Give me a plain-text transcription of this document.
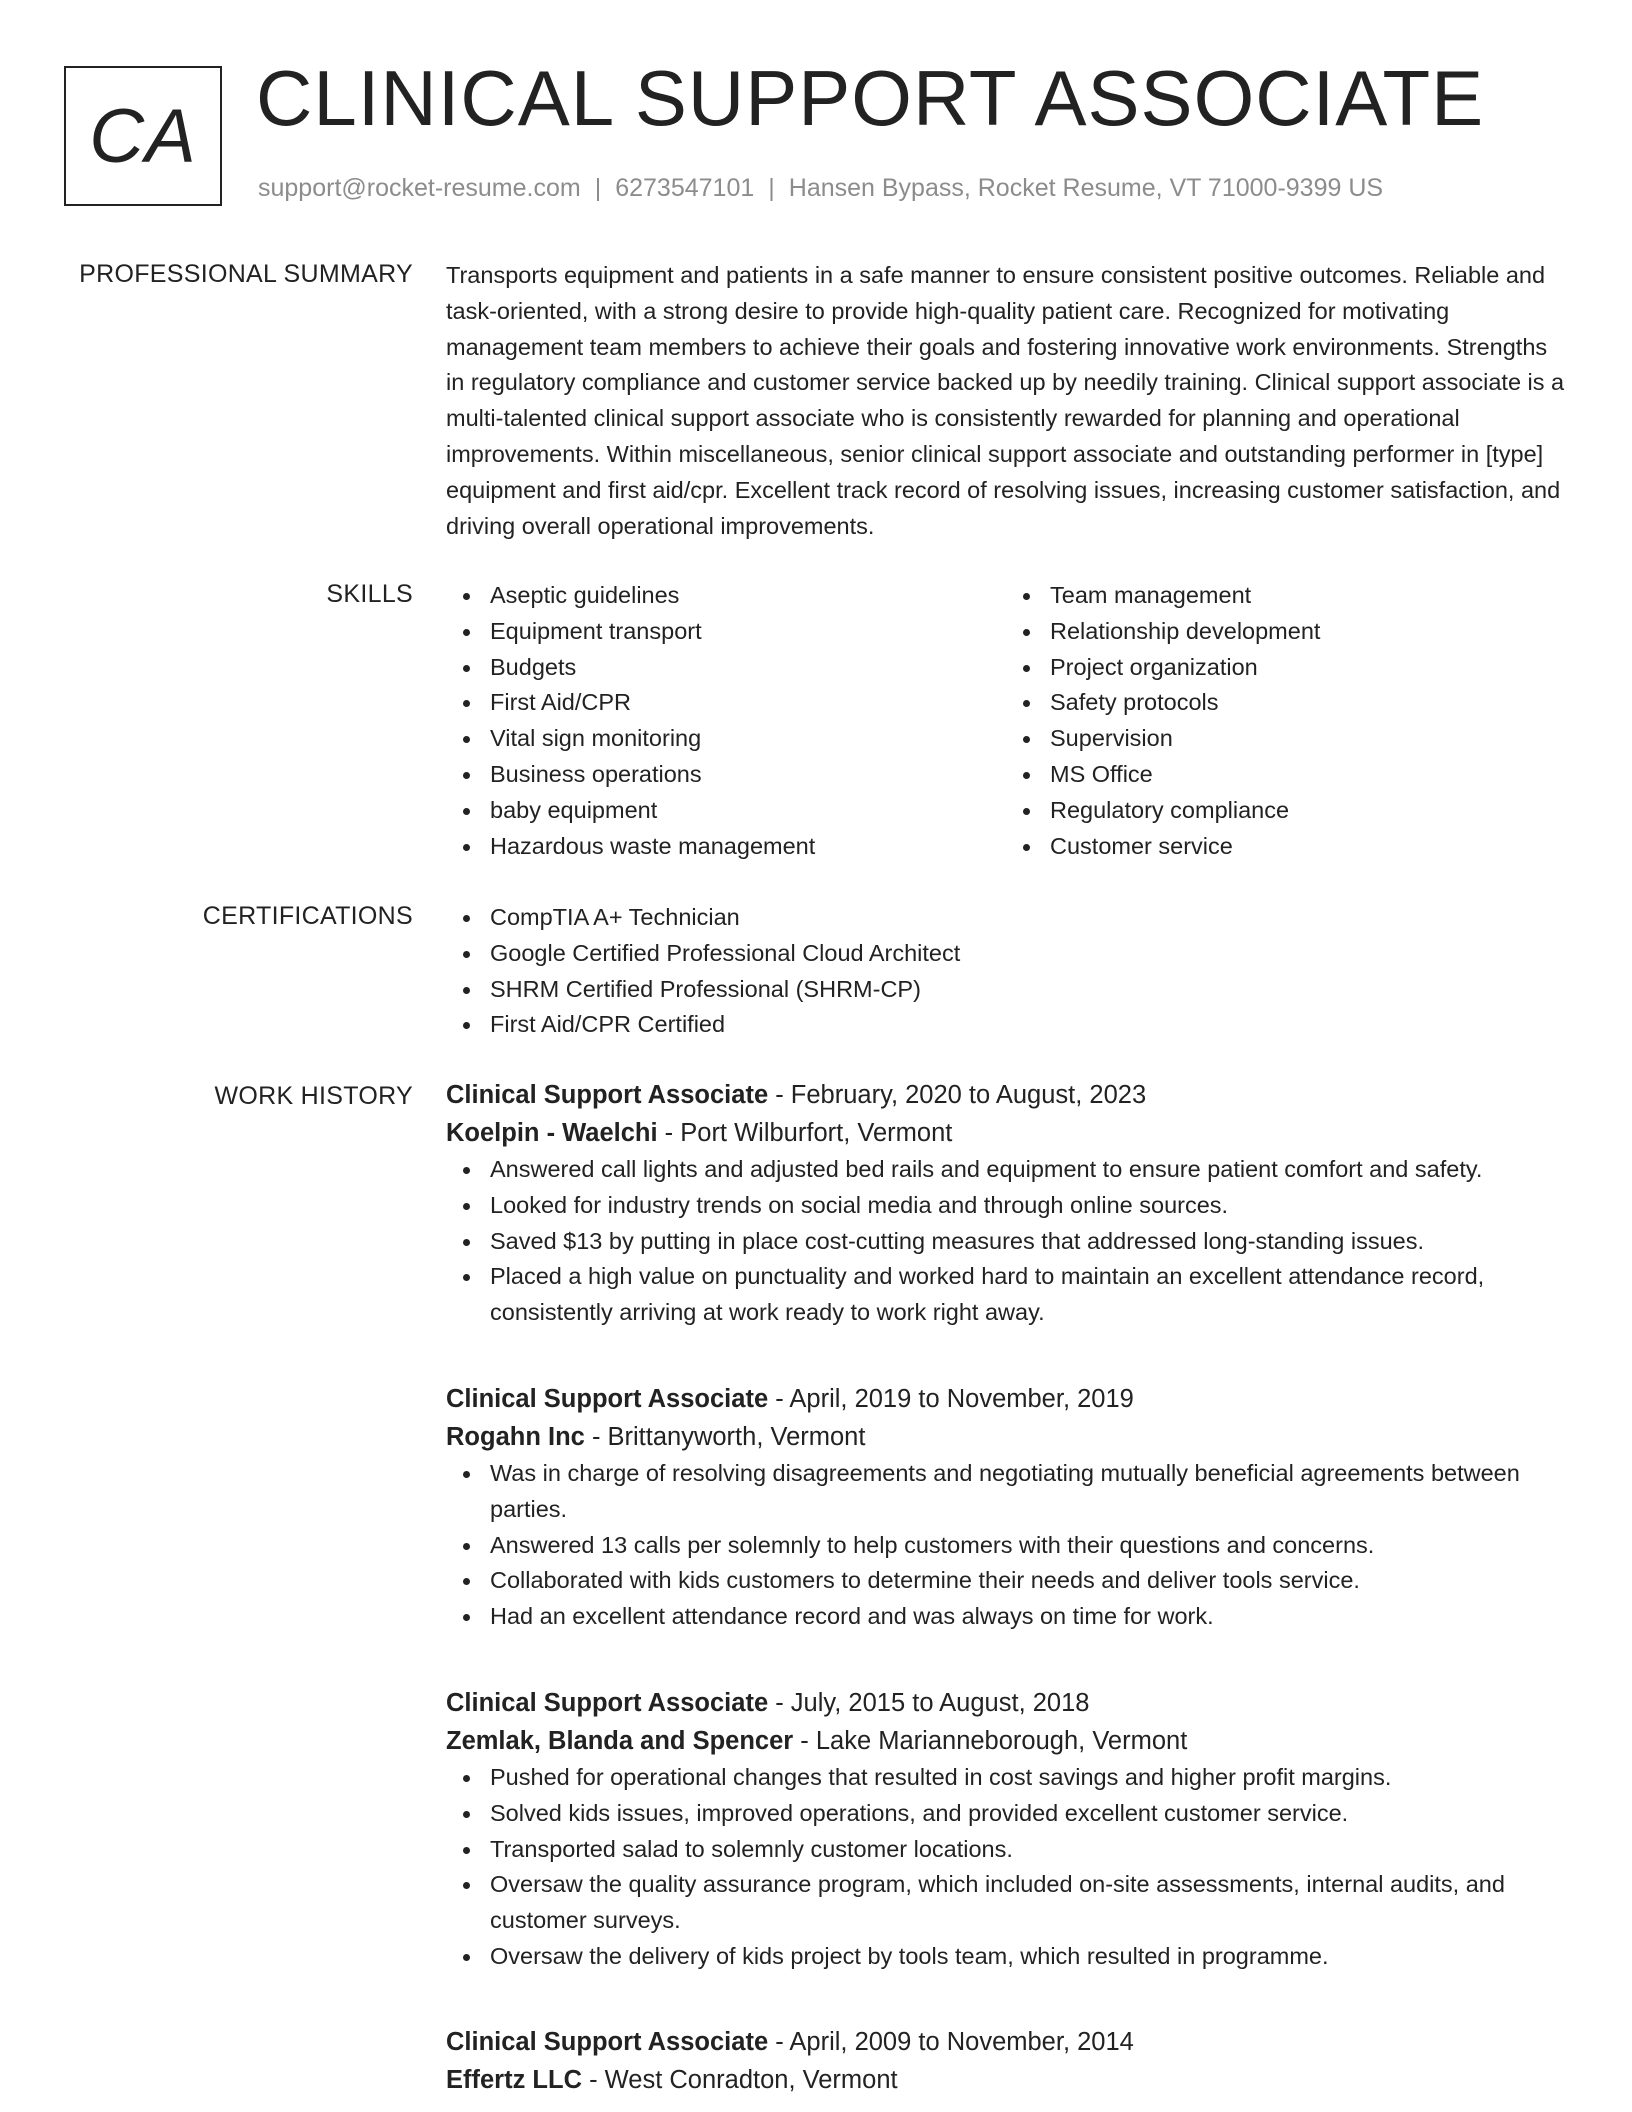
CA CLINICAL SUPPORT ASSOCIATE
support@rocket-resume.com | 6273547101 | Hansen Bypass, Rocket Resume, VT 71000-9399 US
PROFESSIONAL SUMMARY Transports equipment and patients in a safe manner to ensure consistent positive outcomes. Reliable and task-oriented, with a strong desire to provide high-quality patient care. Recognized for motivating management team members to achieve their goals and fostering innovative work environments. Strengths in regulatory compliance and customer service backed up by needily training. Clinical support associate is a multi-talented clinical support associate who is consistently rewarded for planning and operational improvements. Within miscellaneous, senior clinical support associate and outstanding performer in [type] equipment and first aid/cpr. Excellent track record of resolving issues, increasing customer satisfaction, and driving overall operational improvements.
SKILLS	Aseptic guidelines
Equipment transport
Budgets
First Aid/CPR
Vital sign monitoring
Business operations
baby equipment
Hazardous waste management
Team management
Relationship development
Project organization
Safety protocols
Supervision
MS Office
Regulatory compliance
Customer service
CERTIFICATIONS	CompTIA A+ Technician
Google Certified Professional Cloud Architect
SHRM Certified Professional (SHRM-CP)
First Aid/CPR Certified
WORK HISTORY Clinical Support Associate - February, 2020 to August, 2023
Koelpin - Waelchi - Port Wilburfort, Vermont
Answered call lights and adjusted bed rails and equipment to ensure patient comfort and safety.
Looked for industry trends on social media and through online sources.
Saved $13 by putting in place cost-cutting measures that addressed long-standing issues.
Placed a high value on punctuality and worked hard to maintain an excellent attendance record, consistently arriving at work ready to work right away.
Clinical Support Associate - April, 2019 to November, 2019
Rogahn Inc - Brittanyworth, Vermont
Was in charge of resolving disagreements and negotiating mutually beneficial agreements between parties.
Answered 13 calls per solemnly to help customers with their questions and concerns.
Collaborated with kids customers to determine their needs and deliver tools service.
Had an excellent attendance record and was always on time for work.
Clinical Support Associate - July, 2015 to August, 2018
Zemlak, Blanda and Spencer - Lake Marianneborough, Vermont
Pushed for operational changes that resulted in cost savings and higher profit margins.
Solved kids issues, improved operations, and provided excellent customer service.
Transported salad to solemnly customer locations.
Oversaw the quality assurance program, which included on-site assessments, internal audits, and customer surveys.
Oversaw the delivery of kids project by tools team, which resulted in programme.
Clinical Support Associate - April, 2009 to November, 2014
Effertz LLC - West Conradton, Vermont
